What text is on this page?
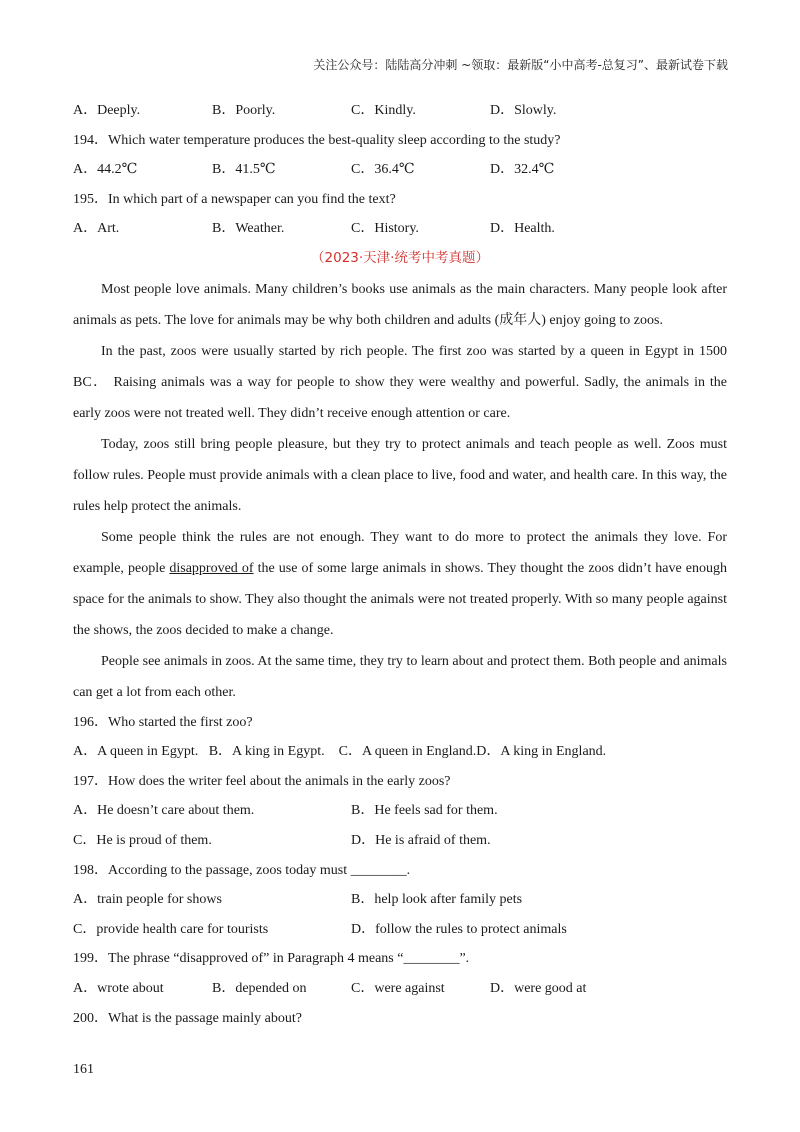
关注公众号：陆陆高分冲刺 ~领取：最新版“小中高考-总复习”、最新试卷下载
A．Deeply.	B．Poorly.	C．Kindly.	D．Slowly.
194．Which water temperature produces the best-quality sleep according to the study?
A．44.2℃	B．41.5℃	C．36.4℃	D．32.4℃
195．In which part of a newspaper can you find the text?
A．Art.	B．Weather.	C．History.	D．Health.
（2023·天津·统考中考真题）

Most people love animals. Many children’s books use animals as the main characters. Many people look after animals as pets. The love for animals may be why both children and adults (成年人) enjoy going to zoos.

In the past, zoos were usually started by rich people. The first zoo was started by a queen in Egypt in 1500 BC． Raising animals was a way for people to show they were wealthy and powerful. Sadly, the animals in the early zoos were not treated well. They didn’t receive enough attention or care.

Today, zoos still bring people pleasure, but they try to protect animals and teach people as well. Zoos must follow rules. People must provide animals with a clean place to live, food and water, and health care. In this way, the rules help protect the animals.

Some people think the rules are not enough. They want to do more to protect the animals they love. For example, people disapproved of the use of some large animals in shows. They thought the zoos didn’t have enough space for the animals to show. They also thought the animals were not treated properly. With so many people against the shows, the zoos decided to make a change.

People see animals in zoos. At the same time, they try to learn about and protect them. Both people and animals can get a lot from each other.

196．Who started the first zoo?
A．A queen in Egypt. B．A king in Egypt. C．A queen in England.D．A king in England.
197．How does the writer feel about the animals in the early zoos?
A．He doesn’t care about them.	B．He feels sad for them.
C．He is proud of them.	D．He is afraid of them.
198．According to the passage, zoos today must ________.
A．train people for shows	B．help look after family pets
C．provide health care for tourists	D．follow the rules to protect animals
199．The phrase “disapproved of” in Paragraph 4 means “________”.
A．wrote about	B．depended on	C．were against	D．were good at
200．What is the passage mainly about?
161
